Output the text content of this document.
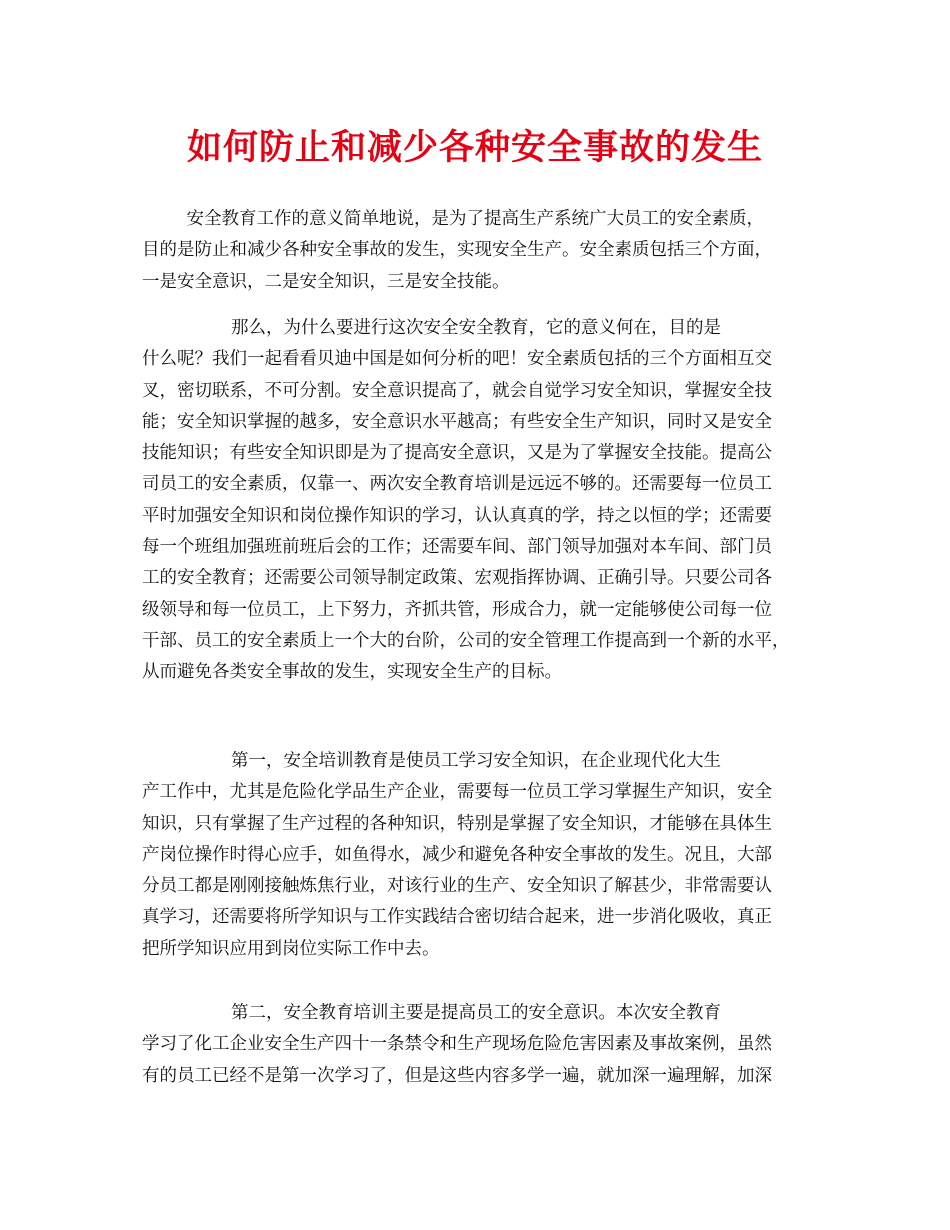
如何防止和减少各种安全事故的发生
安全教育工作的意义简单地说，是为了提高生产系统广大员工的安全素质，
目的是防止和减少各种安全事故的发生，实现安全生产。安全素质包括三个方面，
一是安全意识，二是安全知识，三是安全技能。
那么，为什么要进行这次安全安全教育，它的意义何在，目的是
什么呢？我们一起看看贝迪中国是如何分析的吧！安全素质包括的三个方面相互交
叉，密切联系，不可分割。安全意识提高了，就会自觉学习安全知识，掌握安全技
能；安全知识掌握的越多，安全意识水平越高；有些安全生产知识，同时又是安全
技能知识；有些安全知识即是为了提高安全意识，又是为了掌握安全技能。提高公
司员工的安全素质，仅靠一、两次安全教育培训是远远不够的。还需要每一位员工
平时加强安全知识和岗位操作知识的学习，认认真真的学，持之以恒的学；还需要
每一个班组加强班前班后会的工作；还需要车间、部门领导加强对本车间、部门员
工的安全教育；还需要公司领导制定政策、宏观指挥协调、正确引导。只要公司各
级领导和每一位员工，上下努力，齐抓共管，形成合力，就一定能够使公司每一位
干部、员工的安全素质上一个大的台阶，公司的安全管理工作提高到一个新的水平，
从而避免各类安全事故的发生，实现安全生产的目标。
第一，安全培训教育是使员工学习安全知识，在企业现代化大生
产工作中，尤其是危险化学品生产企业，需要每一位员工学习掌握生产知识，安全
知识，只有掌握了生产过程的各种知识，特别是掌握了安全知识，才能够在具体生
产岗位操作时得心应手，如鱼得水，减少和避免各种安全事故的发生。况且，大部
分员工都是刚刚接触炼焦行业，对该行业的生产、安全知识了解甚少，非常需要认
真学习，还需要将所学知识与工作实践结合密切结合起来，进一步消化吸收，真正
把所学知识应用到岗位实际工作中去。
第二，安全教育培训主要是提高员工的安全意识。本次安全教育
学习了化工企业安全生产四十一条禁令和生产现场危险危害因素及事故案例，虽然
有的员工已经不是第一次学习了，但是这些内容多学一遍，就加深一遍理解，加深
